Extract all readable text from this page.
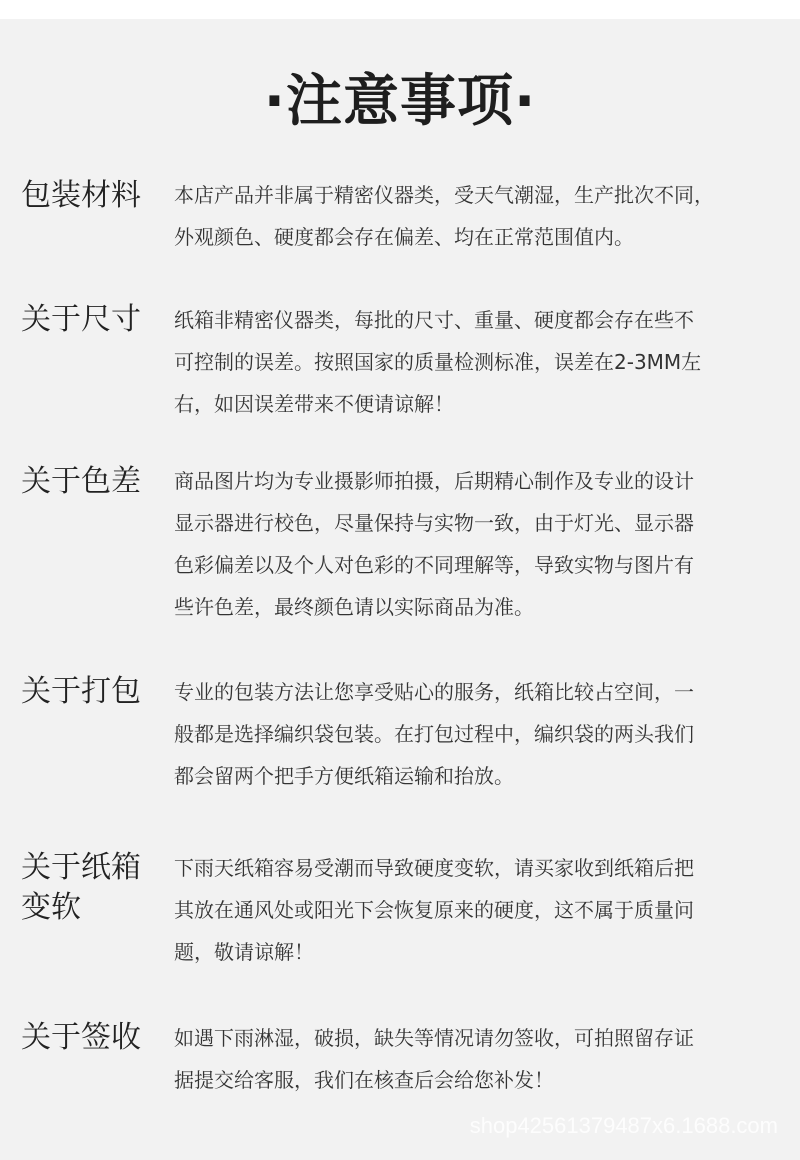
·注意事项·
包装材料	本店产品并非属于精密仪器类，受天气潮湿，生产批次不同，
外观颜色、硬度都会存在偏差、均在正常范围值内。
关于尺寸	纸箱非精密仪器类，每批的尺寸、重量、硬度都会存在些不
可控制的误差。按照国家的质量检测标准，误差在2-3MM左
右，如因误差带来不便请谅解！
关于色差	商品图片均为专业摄影师拍摄，后期精心制作及专业的设计
显示器进行校色，尽量保持与实物一致，由于灯光、显示器
色彩偏差以及个人对色彩的不同理解等，导致实物与图片有
些许色差，最终颜色请以实际商品为准。
关于打包	专业的包装方法让您享受贴心的服务，纸箱比较占空间，一
般都是选择编织袋包装。在打包过程中，编织袋的两头我们
都会留两个把手方便纸箱运输和抬放。
关于纸箱
变软
下雨天纸箱容易受潮而导致硬度变软，请买家收到纸箱后把
其放在通风处或阳光下会恢复原来的硬度，这不属于质量问
题，敬请谅解！
关于签收	如遇下雨淋湿，破损，缺失等情况请勿签收，可拍照留存证
据提交给客服，我们在核查后会给您补发！
shop42561379487x6.1688.com
